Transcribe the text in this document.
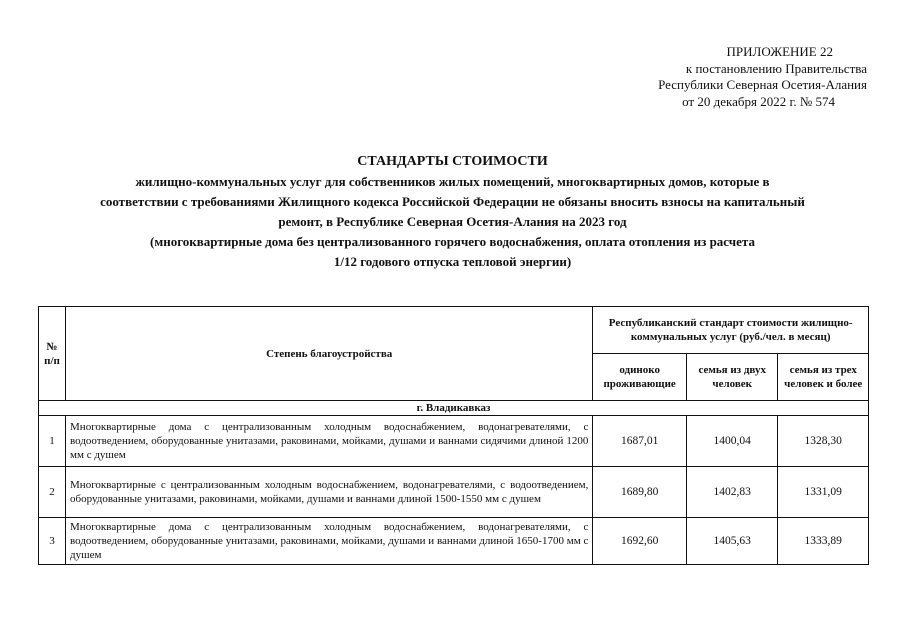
ПРИЛОЖЕНИЕ 22
к постановлению Правительства
Республики Северная Осетия-Алания
от 20 декабря 2022 г. № 574
СТАНДАРТЫ СТОИМОСТИ
жилищно-коммунальных услуг для собственников жилых помещений, многоквартирных домов, которые в
соответствии с требованиями Жилищного кодекса Российской Федерации не обязаны вносить взносы на капитальный
ремонт, в Республике Северная Осетия-Алания на 2023 год
(многоквартирные дома без централизованного горячего водоснабжения, оплата отопления из расчета
1/12 годового отпуска тепловой энергии)
№ п/п	Степень благоустройства	Республиканский стандарт стоимости жилищно-коммунальных услуг (руб./чел. в месяц)		
		одиноко проживающие	семья из двух человек	семья из трех человек и более
г. Владикавказ				
1	Многоквартирные дома с централизованным холодным водоснабжением, водонагревателями, с водоотведением, оборудованные унитазами, раковинами, мойками, душами и ваннами сидячими длиной 1200 мм с душем	1687,01	1400,04	1328,30
2	Многоквартирные с централизованным холодным водоснабжением, водонагревателями, с водоотведением, оборудованные унитазами, раковинами, мойками, душами и ваннами длиной 1500-1550 мм с душем	1689,80	1402,83	1331,09
3	Многоквартирные дома с централизованным холодным водоснабжением, водонагревателями, с водоотведением, оборудованные унитазами, раковинами, мойками, душами и ваннами длиной 1650-1700 мм с душем	1692,60	1405,63	1333,89
